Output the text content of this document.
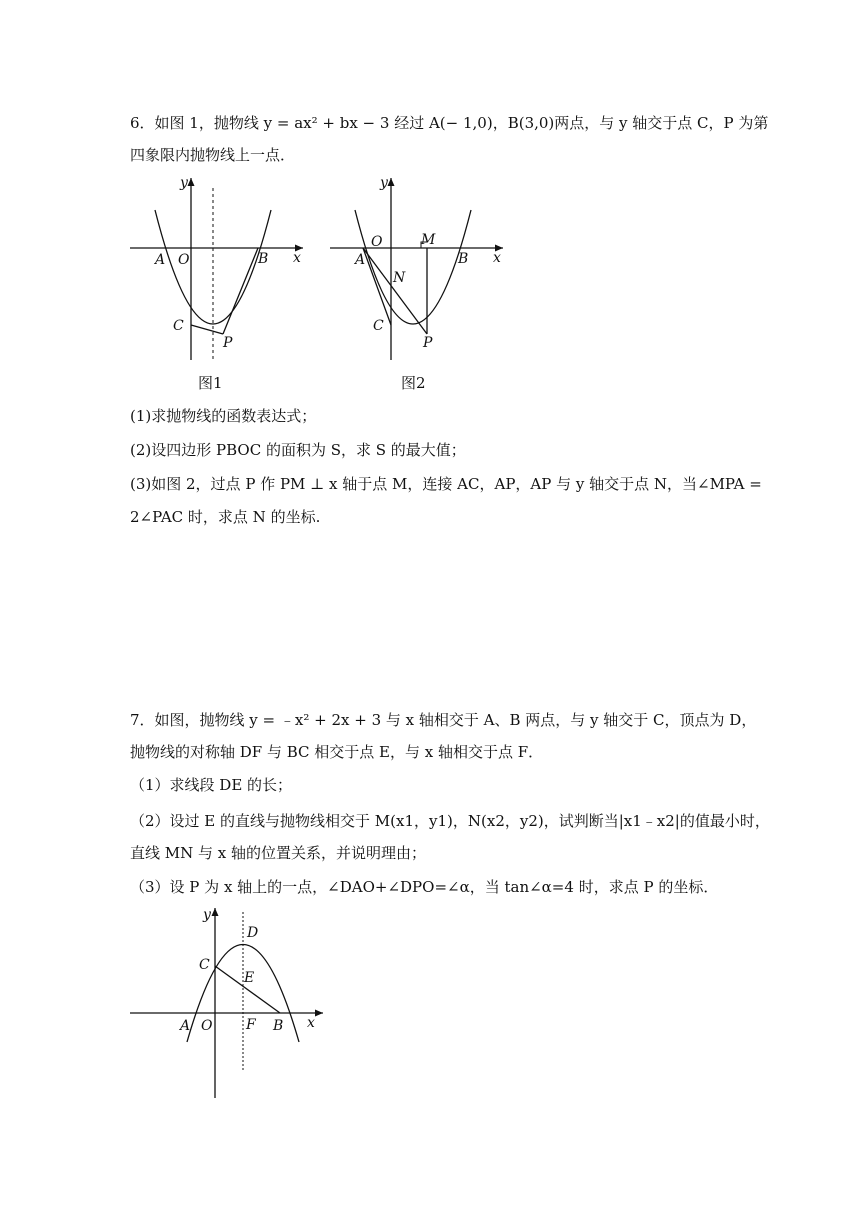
6．如图 1，抛物线 y = ax² + bx − 3 经过 A(− 1,0)，B(3,0)两点，与 y 轴交于点 C，P 为第
四象限内抛物线上一点．
y
x
O
A	B
C
P
图1
y
x
O
A	B
C
P
M
N
图2
(1)求抛物线的函数表达式；
(2)设四边形 PBOC 的面积为 S，求 S 的最大值；
(3)如图 2，过点 P 作 PM ⊥ x 轴于点 M，连接 AC，AP，AP 与 y 轴交于点 N，当∠MPA =
2∠PAC 时，求点 N 的坐标.
7．如图，抛物线 y = ﹣x² + 2x + 3 与 x 轴相交于 A、B 两点，与 y 轴交于 C，顶点为 D，
抛物线的对称轴 DF 与 BC 相交于点 E，与 x 轴相交于点 F．
（1）求线段 DE 的长；
（2）设过 E 的直线与抛物线相交于 M(x1，y1)，N(x2，y2)，试判断当|x1﹣x2|的值最小时，
直线 MN 与 x 轴的位置关系，并说明理由；
（3）设 P 为 x 轴上的一点，∠DAO+∠DPO=∠α，当 tan∠α=4 时，求点 P 的坐标．
y
x
O
A	B
C
D
E
F
